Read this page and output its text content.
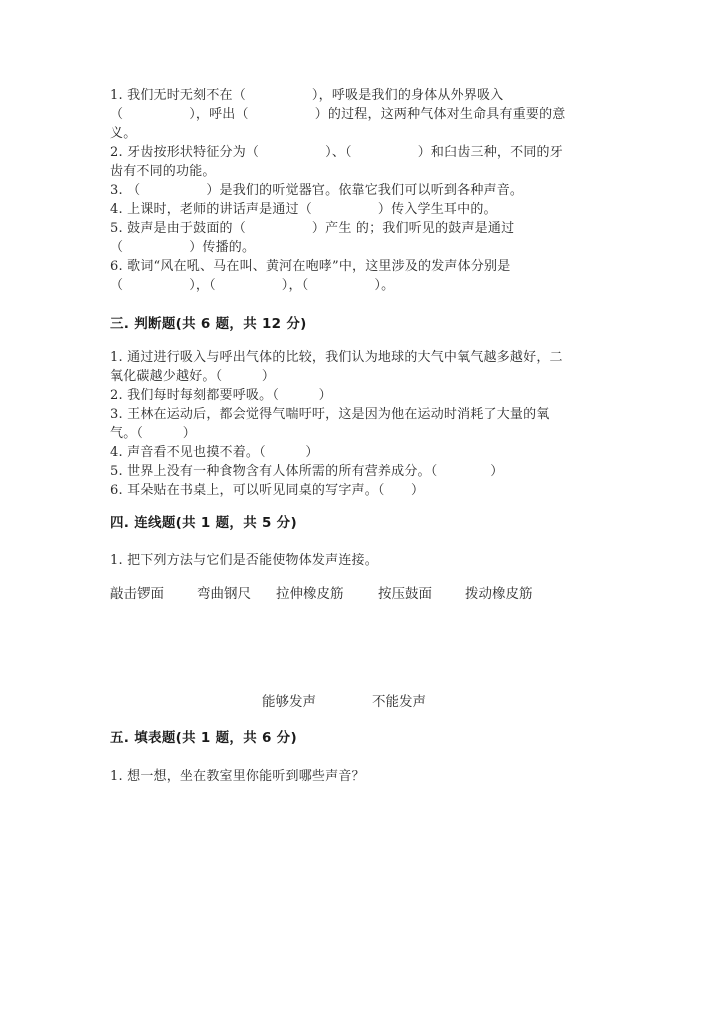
1. 我们无时无刻不在（　　　　　），呼吸是我们的身体从外界吸入
（　　　　　），呼出（　　　　　）的过程，这两种气体对生命具有重要的意
义。
2. 牙齿按形状特征分为（　　　　　）、（　　　　　）和臼齿三种，不同的牙
齿有不同的功能。
3. （　　　　　）是我们的听觉器官。依靠它我们可以听到各种声音。
4. 上课时，老师的讲话声是通过（　　　　　）传入学生耳中的。
5. 鼓声是由于鼓面的（　　　　　）产生 的；我们听见的鼓声是通过
（　　　　　）传播的。
6. 歌词“风在吼、马在叫、黄河在咆哮”中，这里涉及的发声体分别是
（　　　　　），（　　　　　），（　　　　　）。
三. 判断题(共 6 题，共 12 分)
1. 通过进行吸入与呼出气体的比较，我们认为地球的大气中氧气越多越好，二
氧化碳越少越好。（　　　）
2. 我们每时每刻都要呼吸。（　　　）
3. 王林在运动后，都会觉得气喘吁吁，这是因为他在运动时消耗了大量的氧
气。（　　　）
4. 声音看不见也摸不着。（　　　）
5. 世界上没有一种食物含有人体所需的所有营养成分。（　　　　）
6. 耳朵贴在书桌上，可以听见同桌的写字声。（　　）
四. 连线题(共 1 题，共 5 分)
1. 把下列方法与它们是否能使物体发声连接。

敲击锣面

弯曲钢尺

拉伸橡皮筋

	按压鼓面

拨动橡皮筋

能够发声

	不能发声

五. 填表题(共 1 题，共 6 分)
1. 想一想，坐在教室里你能听到哪些声音？
